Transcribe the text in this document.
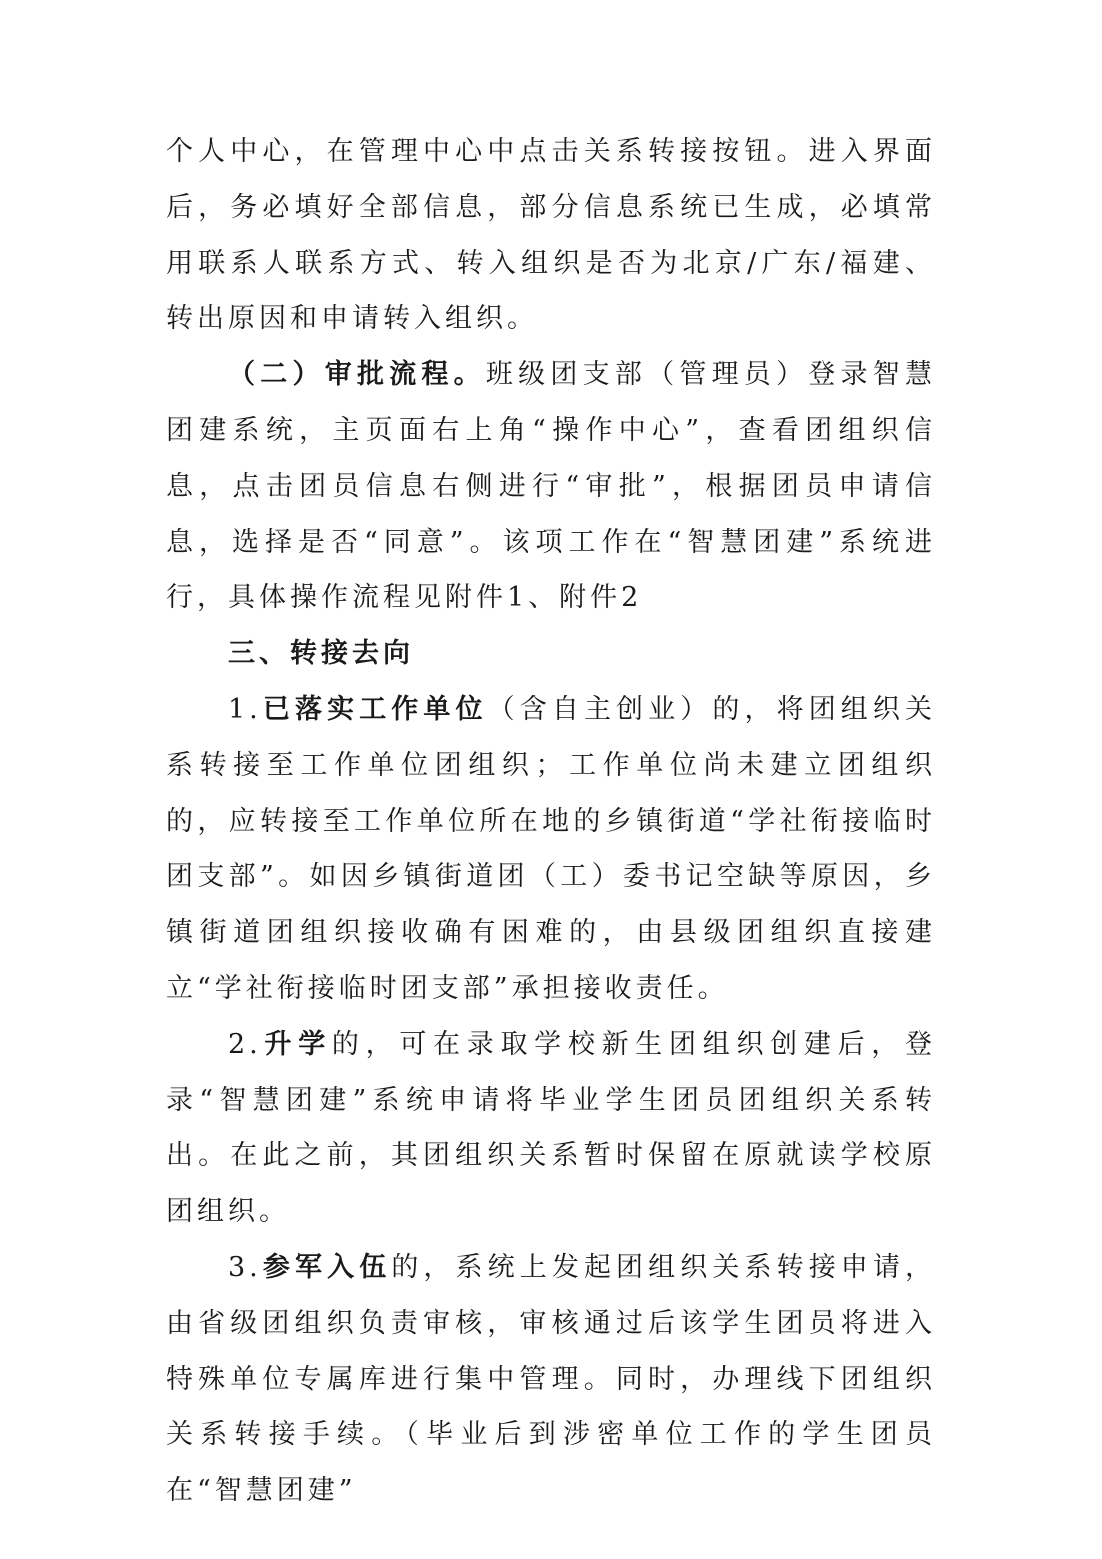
个人中心，在管理中心中点击关系转接按钮。进入界面后，务必填好全部信息，部分信息系统已生成，必填常用联系人联系方式、转入组织是否为北京/广东/福建、转出原因和申请转入组织。

（二）审批流程。班级团支部（管理员）登录智慧团建系统，主页面右上角“操作中心”，查看团组织信息，点击团员信息右侧进行“审批”，根据团员申请信息，选择是否“同意”。该项工作在“智慧团建”系统进行，具体操作流程见附件1、附件2

三、转接去向

1.已落实工作单位（含自主创业）的，将团组织关系转接至工作单位团组织；工作单位尚未建立团组织的，应转接至工作单位所在地的乡镇街道“学社衔接临时团支部”。如因乡镇街道团（工）委书记空缺等原因，乡镇街道团组织接收确有困难的，由县级团组织直接建立“学社衔接临时团支部”承担接收责任。

2.升学的，可在录取学校新生团组织创建后，登录“智慧团建”系统申请将毕业学生团员团组织关系转出。在此之前，其团组织关系暂时保留在原就读学校原团组织。

3.参军入伍的，系统上发起团组织关系转接申请，由省级团组织负责审核，审核通过后该学生团员将进入特殊单位专属库进行集中管理。同时，办理线下团组织关系转接手续。（毕业后到涉密单位工作的学生团员在“智慧团建”
